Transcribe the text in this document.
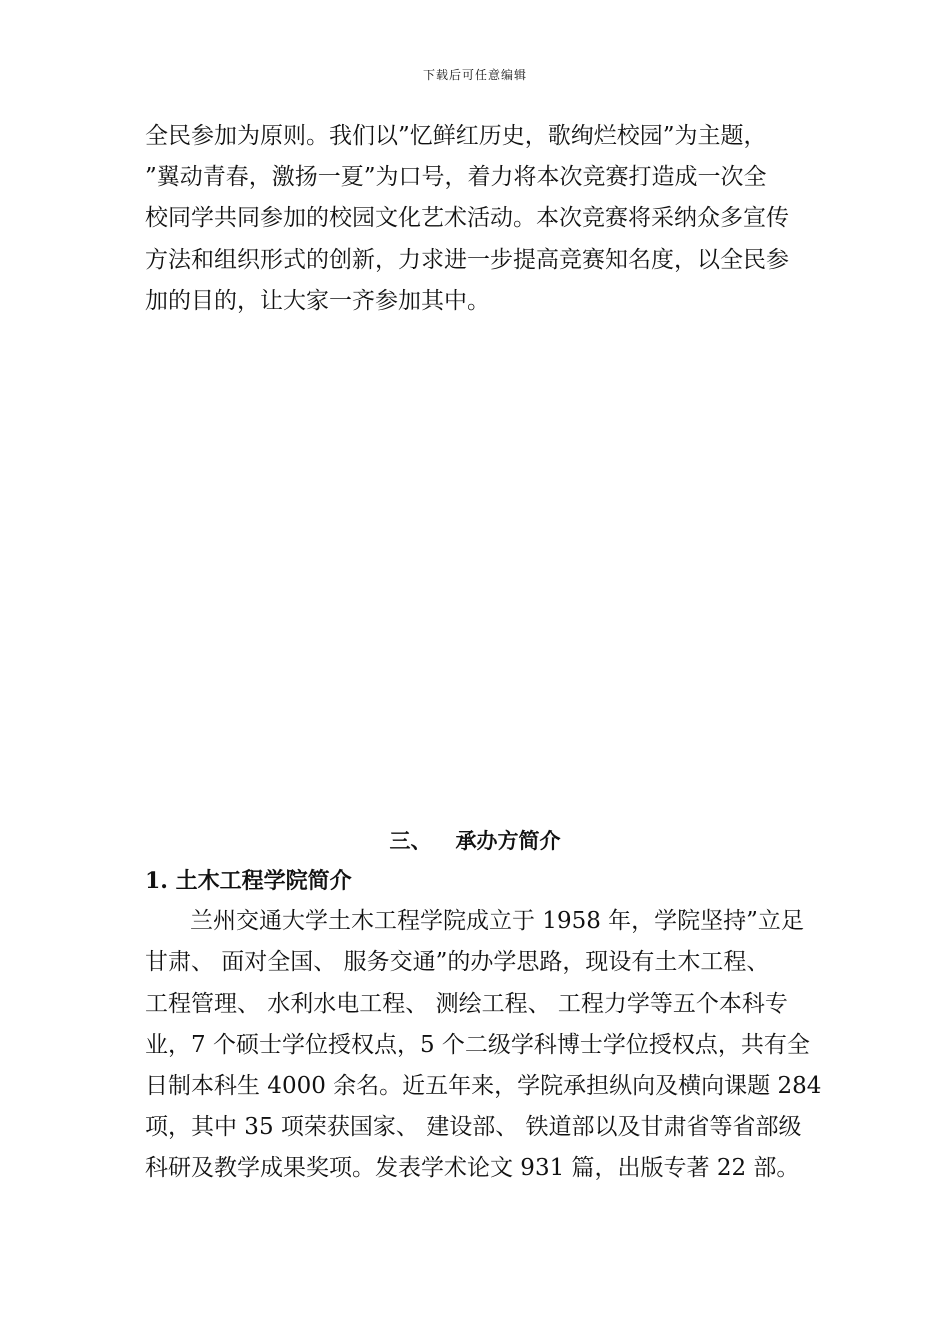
下载后可任意编辑
全民参加为原则。我们以”忆鲜红历史，歌绚烂校园”为主题，
”翼动青春，激扬一夏”为口号，着力将本次竞赛打造成一次全
校同学共同参加的校园文化艺术活动。本次竞赛将采纳众多宣传
方法和组织形式的创新，力求进一步提高竞赛知名度，以全民参
加的目的，让大家一齐参加其中。
三、 承办方简介
1. 土木工程学院简介
兰州交通大学土木工程学院成立于 1958 年，学院坚持”立足
甘肃、 面对全国、 服务交通”的办学思路，现设有土木工程、
工程管理、 水利水电工程、 测绘工程、 工程力学等五个本科专
业，7 个硕士学位授权点，5 个二级学科博士学位授权点，共有全
日制本科生 4000 余名。近五年来，学院承担纵向及横向课题 284
项，其中 35 项荣获国家、 建设部、 铁道部以及甘肃省等省部级
科研及教学成果奖项。发表学术论文 931 篇，出版专著 22 部。
